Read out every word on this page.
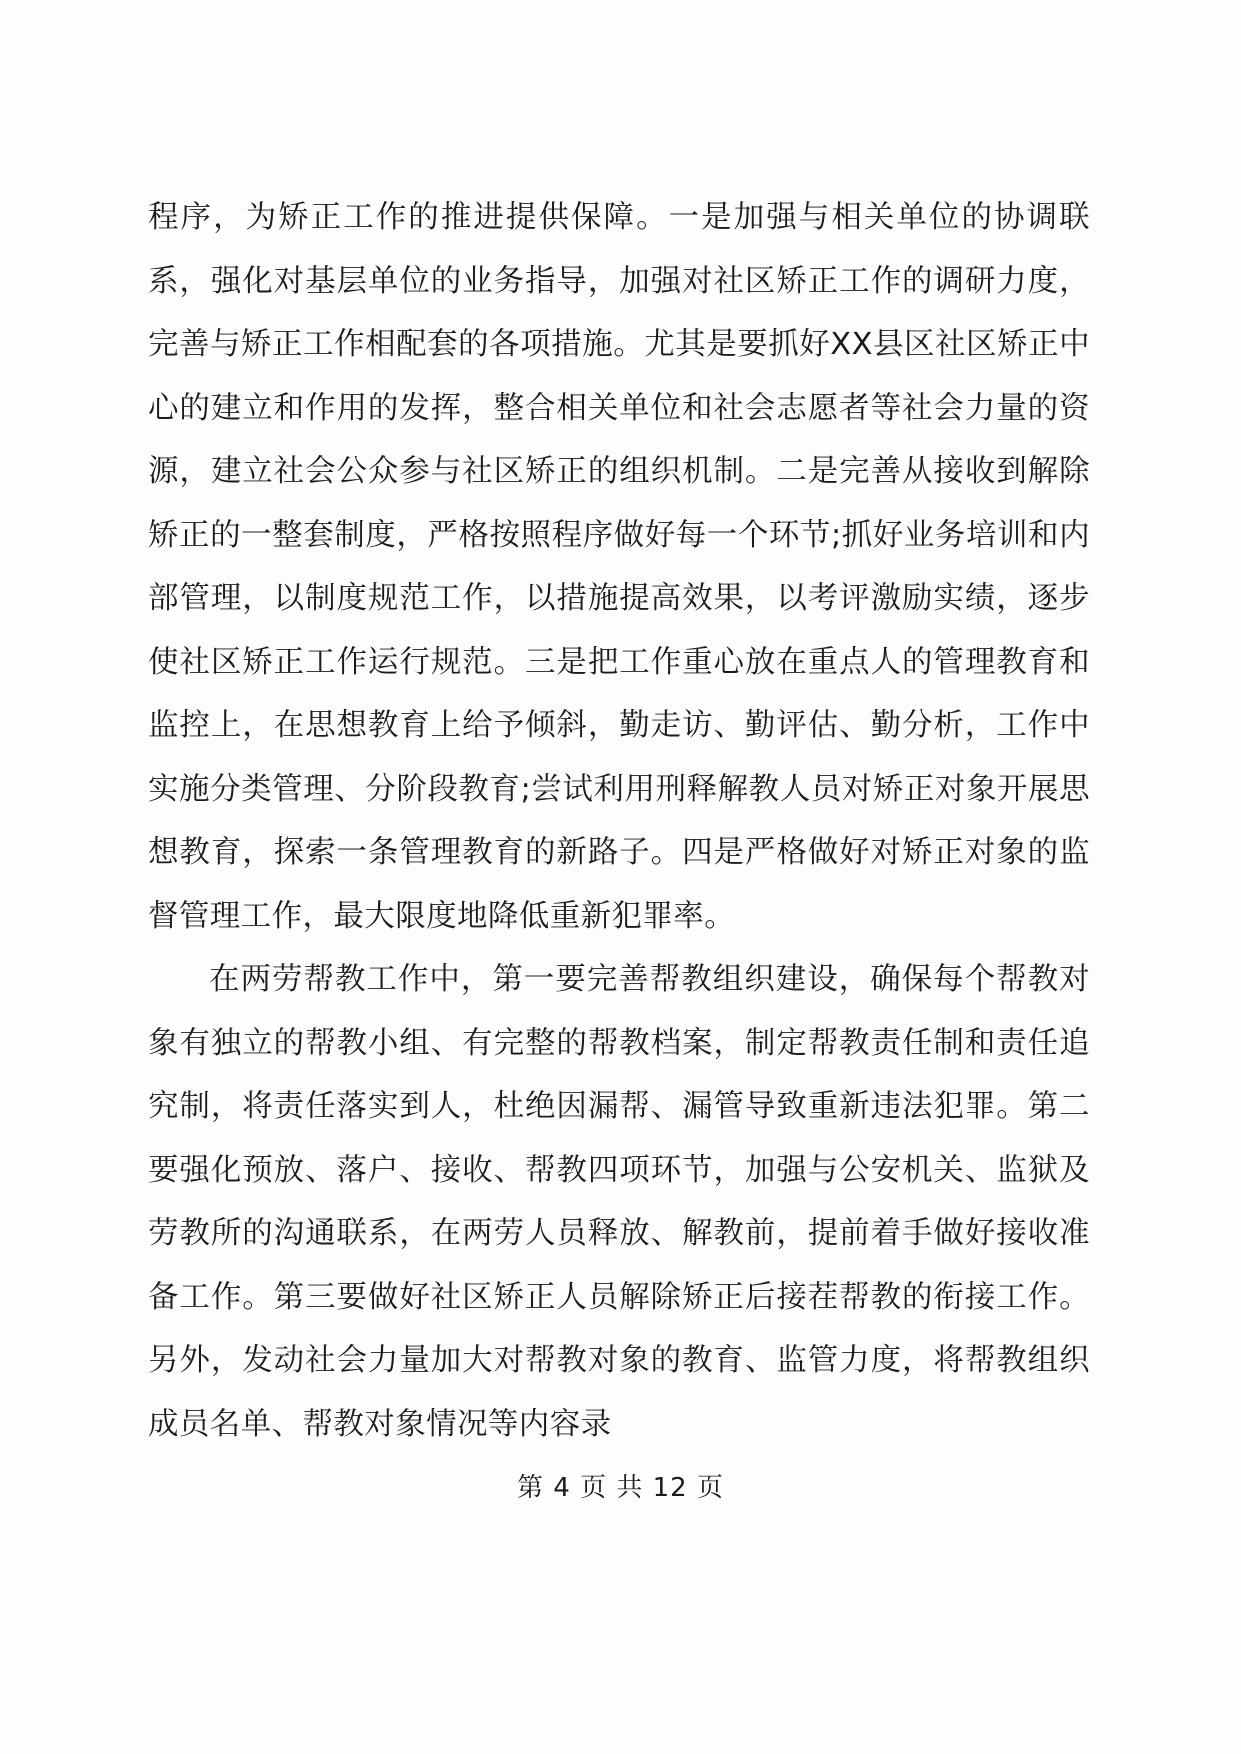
程序，为矫正工作的推进提供保障。一是加强与相关单位的协调联系，强化对基层单位的业务指导，加强对社区矫正工作的调研力度，完善与矫正工作相配套的各项措施。尤其是要抓好XX县区社区矫正中心的建立和作用的发挥，整合相关单位和社会志愿者等社会力量的资源，建立社会公众参与社区矫正的组织机制。二是完善从接收到解除矫正的一整套制度，严格按照程序做好每一个环节;抓好业务培训和内部管理，以制度规范工作，以措施提高效果，以考评激励实绩，逐步使社区矫正工作运行规范。三是把工作重心放在重点人的管理教育和监控上，在思想教育上给予倾斜，勤走访、勤评估、勤分析，工作中实施分类管理、分阶段教育;尝试利用刑释解教人员对矫正对象开展思想教育，探索一条管理教育的新路子。四是严格做好对矫正对象的监督管理工作，最大限度地降低重新犯罪率。

在两劳帮教工作中，第一要完善帮教组织建设，确保每个帮教对象有独立的帮教小组、有完整的帮教档案，制定帮教责任制和责任追究制，将责任落实到人，杜绝因漏帮、漏管导致重新违法犯罪。第二要强化预放、落户、接收、帮教四项环节，加强与公安机关、监狱及劳教所的沟通联系，在两劳人员释放、解教前，提前着手做好接收准备工作。第三要做好社区矫正人员解除矫正后接茬帮教的衔接工作。另外，发动社会力量加大对帮教对象的教育、监管力度，将帮教组织成员名单、帮教对象情况等内容录

第 4 页 共 12 页
